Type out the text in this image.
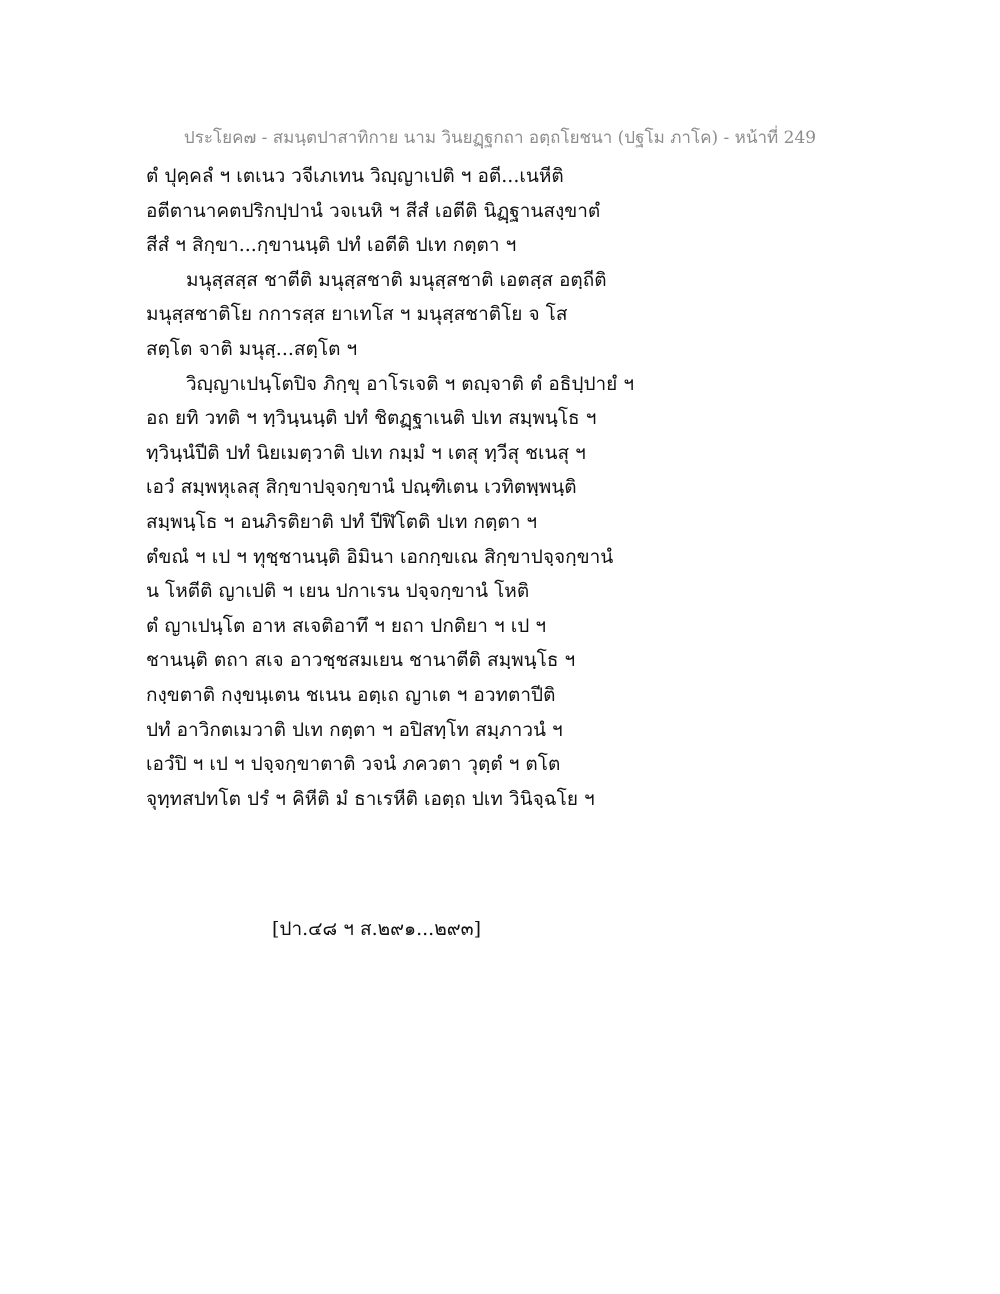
ประโยค๗ - สมนฺตปาสาทิกาย นาม วินยฏฺฐกถา อตฺถโยชนา (ปฐโม ภาโค) - หน้าที่ 249
ตํ ปุคฺคลํ ฯ เตเนว วจีเภเทน วิญฺญาเปติ ฯ อตี...เนหีติ
อตีตานาคตปริกปฺปานํ วจเนหิ ฯ สีสํ เอตีติ นิฏฺฐานสงฺขาตํ
สีสํ ฯ สิกฺขา...กฺขานนฺติ ปทํ เอตีติ ปเท กตฺตา ฯ
มนุสฺสสฺส ชาตีติ มนุสฺสชาติ มนุสฺสชาติ เอตสฺส อตฺถีติ
มนุสฺสชาติโย กการสฺส ยาเทโส ฯ มนุสฺสชาติโย จ โส
สตฺโต จาติ มนุสฺ...สตฺโต ฯ
วิญฺญาเปนฺโตปิจ ภิกฺขุ อาโรเจติ ฯ ตญฺจาติ ตํ อธิปฺปายํ ฯ
อถ ยทิ วทติ ฯ ทฺวินฺนนฺติ ปทํ ชิตฏฺฐาเนติ ปเท สมฺพนฺโธ ฯ
ทฺวินฺนํปีติ ปทํ นิยเมตฺวาติ ปเท กมฺมํ ฯ เตสุ ทฺวีสุ ชเนสุ ฯ
เอวํ สมฺพหุเลสุ สิกฺขาปจฺจกฺขานํ ปณฺฑิเตน เวทิตพฺพนฺติ
สมฺพนฺโธ ฯ อนภิรติยาติ ปทํ ปีฬิโตติ ปเท กตฺตา ฯ
ตํขณํ ฯ เป ฯ ทุชฺชานนฺติ อิมินา เอกกฺขเณ สิกฺขาปจฺจกฺขานํ
น โหตีติ ญาเปติ ฯ เยน ปกาเรน ปจฺจกฺขานํ โหติ
ตํ ญาเปนฺโต อาห สเจติอาทึ ฯ ยถา ปกติยา ฯ เป ฯ
ชานนฺติ ตถา สเจ อาวชฺชสมเยน ชานาตีติ สมฺพนฺโธ ฯ
กงฺขตาติ กงฺขนฺเตน ชเนน อตฺเถ ญาเต ฯ อวทตาปีติ
ปทํ อาวิกตเมวาติ ปเท กตฺตา ฯ อปิสทฺโท สมฺภาวนํ ฯ
เอวํปิ ฯ เป ฯ ปจฺจกฺขาตาติ วจนํ ภควตา วุตฺตํ ฯ ตโต
จุทฺทสปทโต ปรํ ฯ คิหีติ มํ ธาเรหีติ เอตฺถ ปเท วินิจฺฉโย ฯ
[ปา.๔๘ ฯ ส.๒๙๑...๒๙๓]
